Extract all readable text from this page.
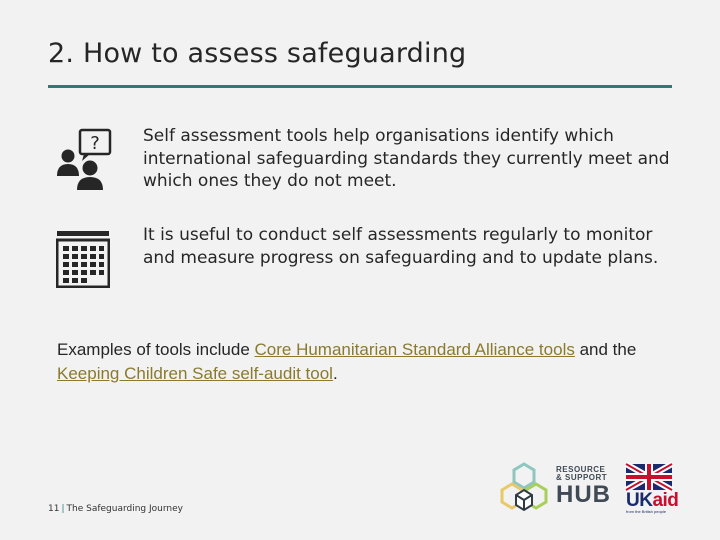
2. How to assess safeguarding
?	Self assessment tools help organisations identify which international safeguarding standards they currently meet and which ones they do not meet.
It is useful to conduct self assessments regularly to monitor and measure progress on safeguarding and to update plans.
Examples of tools include Core Humanitarian Standard Alliance tools and the Keeping Children Safe self-audit tool.
11 | The Safeguarding Journey
RESOURCE
& SUPPORT
HUB UKaid
from the British people
